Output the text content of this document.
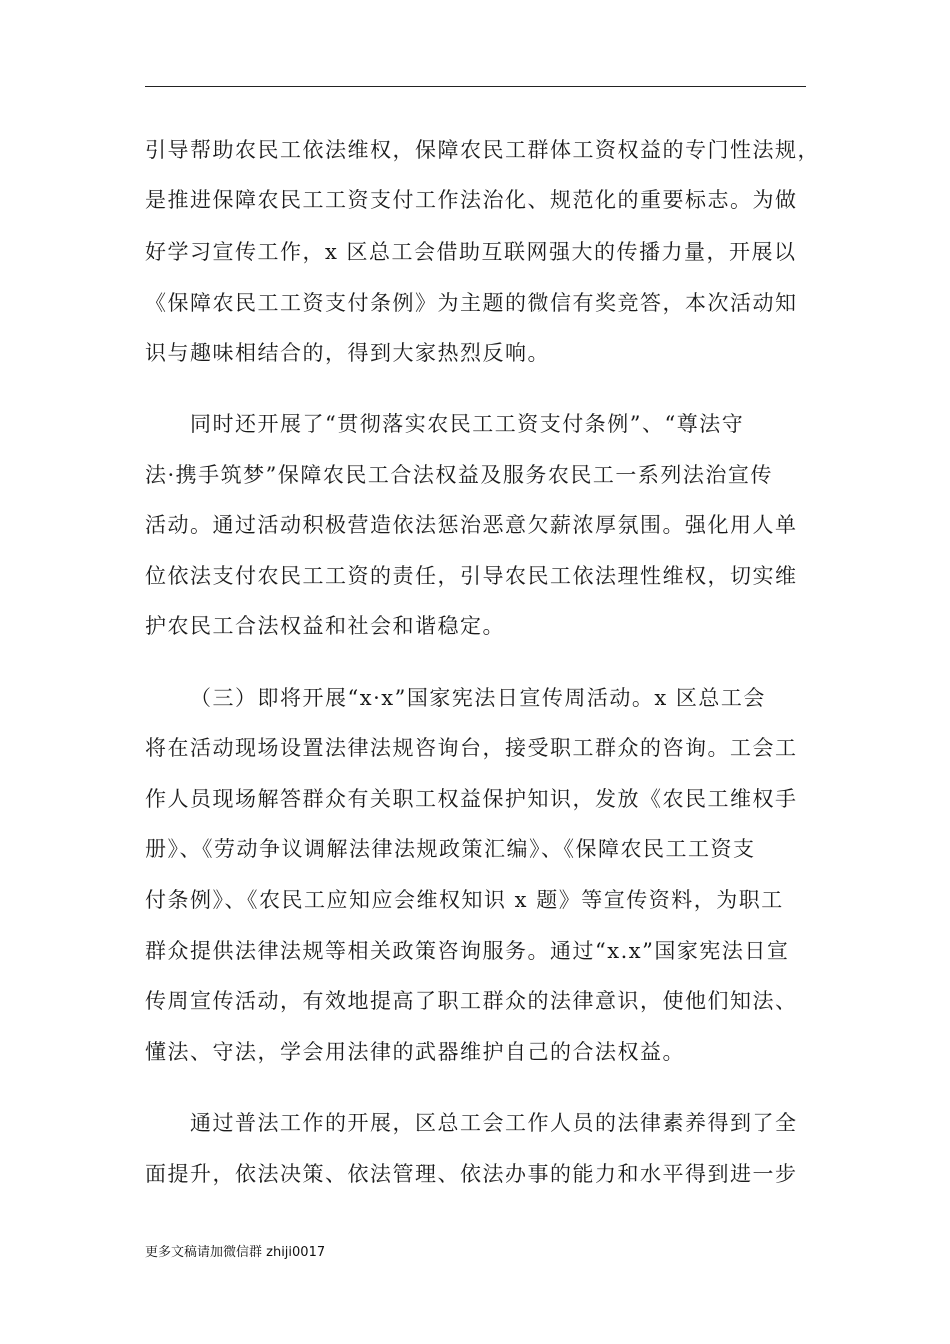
引导帮助农民工依法维权，保障农民工群体工资权益的专门性法规，
是推进保障农民工工资支付工作法治化、规范化的重要标志。为做
好学习宣传工作，x 区总工会借助互联网强大的传播力量，开展以
《保障农民工工资支付条例》为主题的微信有奖竞答，本次活动知
识与趣味相结合的，得到大家热烈反响。
同时还开展了“贯彻落实农民工工资支付条例”、“尊法守
法·携手筑梦”保障农民工合法权益及服务农民工一系列法治宣传
活动。通过活动积极营造依法惩治恶意欠薪浓厚氛围。强化用人单
位依法支付农民工工资的责任，引导农民工依法理性维权，切实维
护农民工合法权益和社会和谐稳定。
（三）即将开展“x·x”国家宪法日宣传周活动。x 区总工会
将在活动现场设置法律法规咨询台，接受职工群众的咨询。工会工
作人员现场解答群众有关职工权益保护知识，发放《农民工维权手
册》、《劳动争议调解法律法规政策汇编》、《保障农民工工资支
付条例》、《农民工应知应会维权知识 x 题》等宣传资料，为职工
群众提供法律法规等相关政策咨询服务。通过“x.x”国家宪法日宣
传周宣传活动，有效地提高了职工群众的法律意识，使他们知法、
懂法、守法，学会用法律的武器维护自己的合法权益。
通过普法工作的开展，区总工会工作人员的法律素养得到了全
面提升，依法决策、依法管理、依法办事的能力和水平得到进一步
更多文稿请加微信群 zhiji0017
